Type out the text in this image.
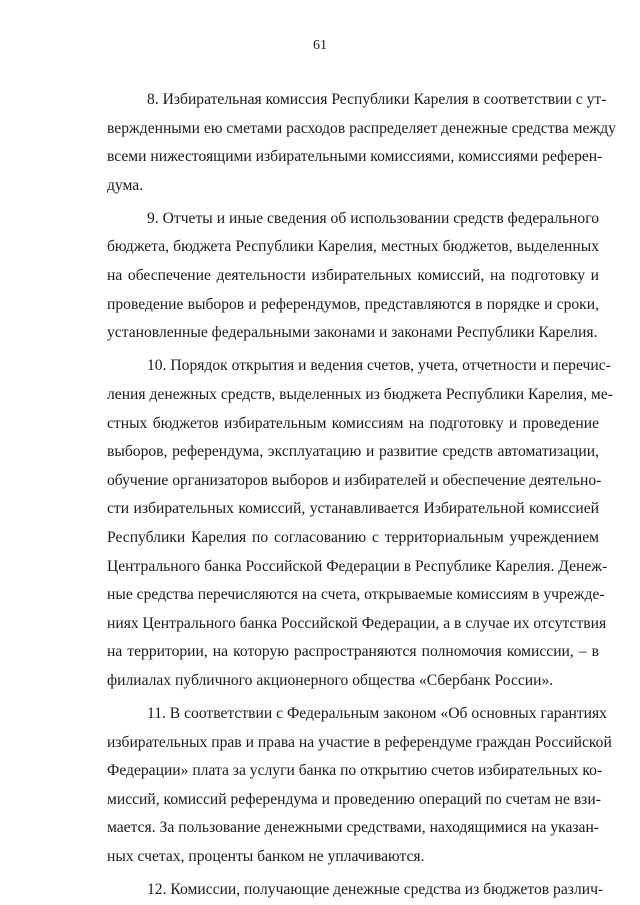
61
8. Избирательная комиссия Республики Карелия в соответствии с ут-
вержденными ею сметами расходов распределяет денежные средства между
всеми нижестоящими избирательными комиссиями, комиссиями референ-
дума.
9. Отчеты и иные сведения об использовании средств федерального
бюджета, бюджета Республики Карелия, местных бюджетов, выделенных
на обеспечение деятельности избирательных комиссий, на подготовку и
проведение выборов и референдумов, представляются в порядке и сроки,
установленные федеральными законами и законами Республики Карелия.
10. Порядок открытия и ведения счетов, учета, отчетности и перечис-
ления денежных средств, выделенных из бюджета Республики Карелия, ме-
стных бюджетов избирательным комиссиям на подготовку и проведение
выборов, референдума, эксплуатацию и развитие средств автоматизации,
обучение организаторов выборов и избирателей и обеспечение деятельно-
сти избирательных комиссий, устанавливается Избирательной комиссией
Республики Карелия по согласованию с территориальным учреждением
Центрального банка Российской Федерации в Республике Карелия. Денеж-
ные средства перечисляются на счета, открываемые комиссиям в учрежде-
ниях Центрального банка Российской Федерации, а в случае их отсутствия
на территории, на которую распространяются полномочия комиссии, – в
филиалах публичного акционерного общества «Сбербанк России».
11. В соответствии с Федеральным законом «Об основных гарантиях
избирательных прав и права на участие в референдуме граждан Российской
Федерации» плата за услуги банка по открытию счетов избирательных ко-
миссий, комиссий референдума и проведению операций по счетам не взи-
мается. За пользование денежными средствами, находящимися на указан-
ных счетах, проценты банком не уплачиваются.
12. Комиссии, получающие денежные средства из бюджетов различ-
